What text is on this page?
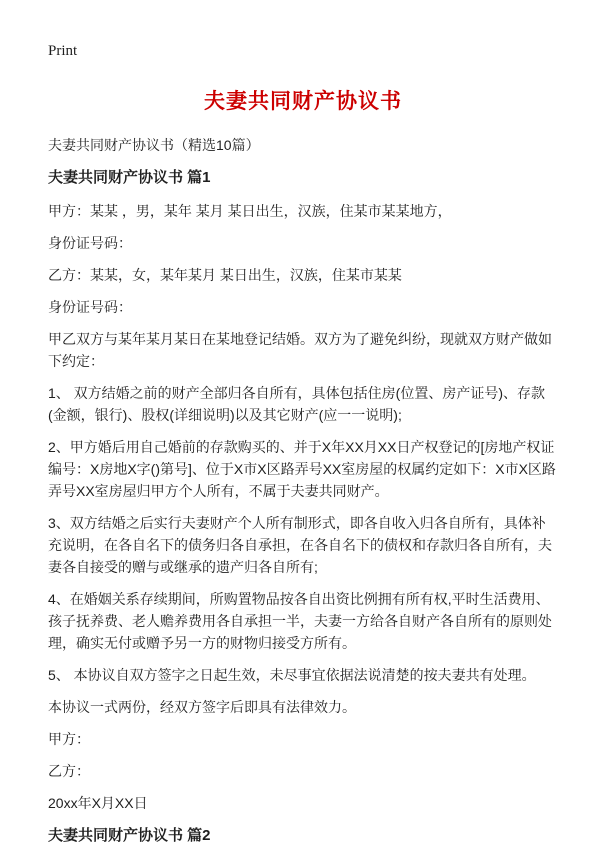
Print
夫妻共同财产协议书

夫妻共同财产协议书（精选10篇）

夫妻共同财产协议书 篇1

甲方：某某 ，男，某年 某月 某日出生，汉族，住某市某某地方，

身份证号码：

乙方：某某，女，某年某月 某日出生，汉族，住某市某某

身份证号码：

甲乙双方与某年某月某日在某地登记结婚。双方为了避免纠纷，现就双方财产做如下约定：

1、 双方结婚之前的财产全部归各自所有，具体包括住房(位置、房产证号)、存款(金额，银行)、股权(详细说明)以及其它财产(应一一说明);

2、甲方婚后用自己婚前的存款购买的、并于X年XX月XX日产权登记的[房地产权证编号：X房地X字()第号]、位于X市X区路弄号XX室房屋的权属约定如下：X市X区路弄号XX室房屋归甲方个人所有，不属于夫妻共同财产。

3、双方结婚之后实行夫妻财产个人所有制形式，即各自收入归各自所有，具体补充说明，在各自名下的债务归各自承担，在各自名下的债权和存款归各自所有，夫妻各自接受的赠与或继承的遗产归各自所有;

4、在婚姻关系存续期间，所购置物品按各自出资比例拥有所有权,平时生活费用、孩子抚养费、老人赡养费用各自承担一半，夫妻一方给各自财产各自所有的原则处理，确实无付或赠予另一方的财物归接受方所有。

5、 本协议自双方签字之日起生效，未尽事宜依据法说清楚的按夫妻共有处理。

本协议一式两份，经双方签字后即具有法律效力。

甲方：

乙方：

20xx年X月XX日

夫妻共同财产协议书 篇2
